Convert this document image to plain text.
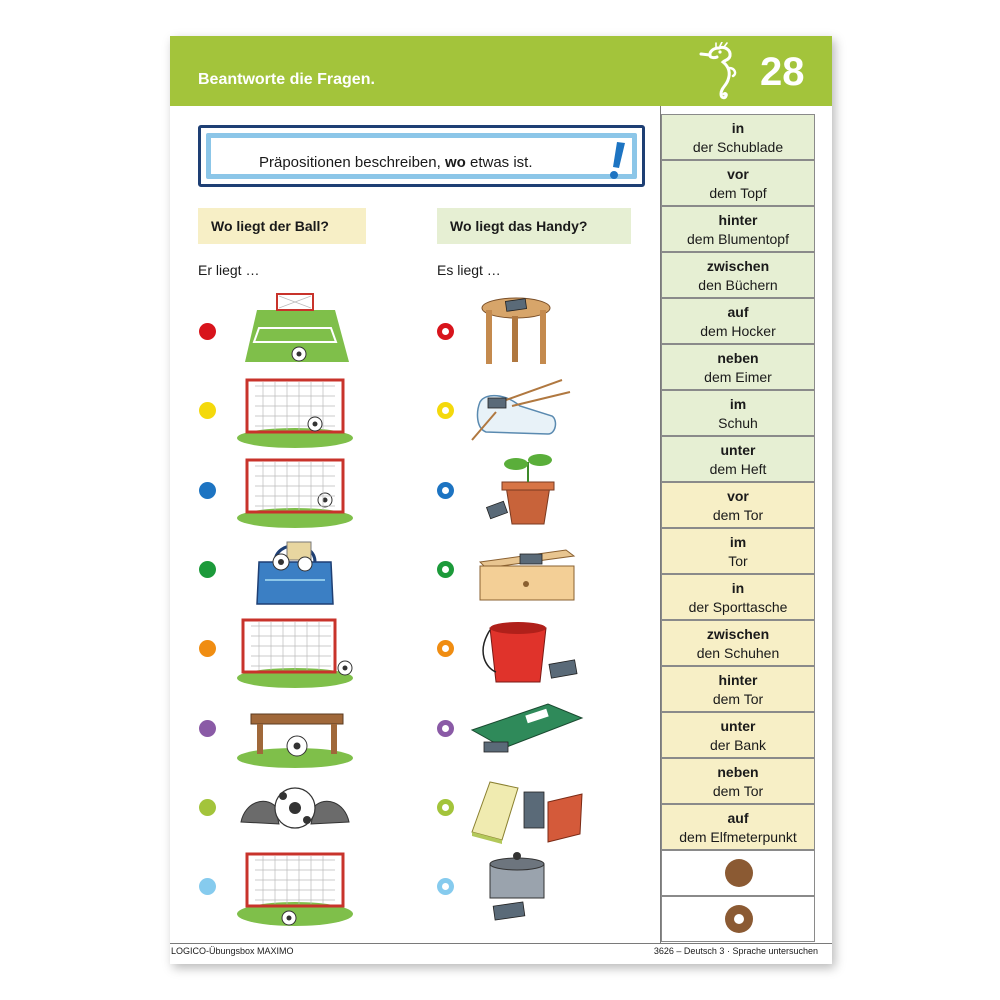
Beantworte die Fragen.	28
Präpositionen beschreiben, wo etwas ist.
Wo liegt der Ball?	Wo liegt das Handy?
Er liegt …	Es liegt …
in
der Schublade
vor
dem Topf
hinter
dem Blumentopf
zwischen
den Büchern
auf
dem Hocker
neben
dem Eimer
im
Schuh
unter
dem Heft
vor
dem Tor
im
Tor
in
der Sporttasche
zwischen
den Schuhen
hinter
dem Tor
unter
der Bank
neben
dem Tor
auf
dem Elfmeterpunkt
LOGICO-Übungsbox MAXIMO	3626 – Deutsch 3 · Sprache untersuchen
